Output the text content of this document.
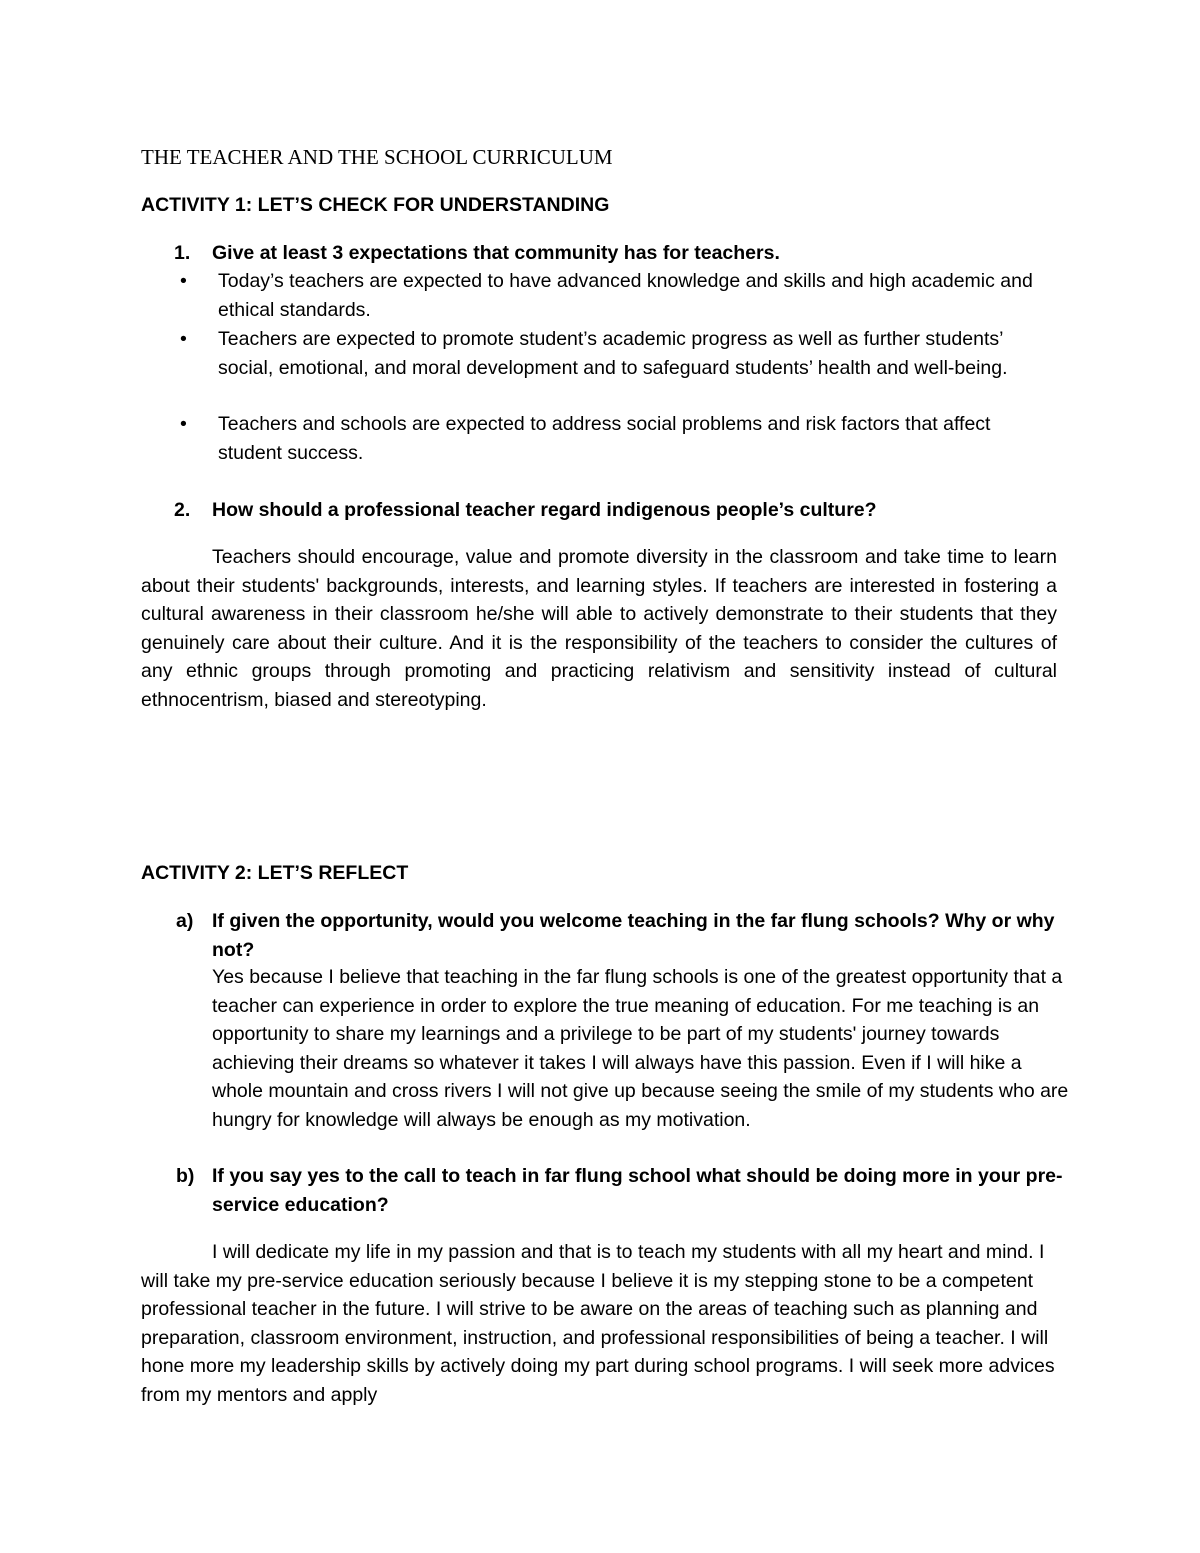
THE TEACHER AND THE SCHOOL CURRICULUM
ACTIVITY 1: LET’S CHECK FOR UNDERSTANDING
1. Give at least 3 expectations that community has for teachers.
• Today’s teachers are expected to have advanced knowledge and skills and high academic and ethical standards.
• Teachers are expected to promote student’s academic progress as well as further students’ social, emotional, and moral development and to safeguard students’ health and well-being.
• Teachers and schools are expected to address social problems and risk factors that affect student success.
2. How should a professional teacher regard indigenous people’s culture?
Teachers should encourage, value and promote diversity in the classroom and take time to learn about their students' backgrounds, interests, and learning styles. If teachers are interested in fostering a cultural awareness in their classroom he/she will able to actively demonstrate to their students that they genuinely care about their culture. And it is the responsibility of the teachers to consider the cultures of any ethnic groups through promoting and practicing relativism and sensitivity instead of cultural ethnocentrism, biased and stereotyping.
ACTIVITY 2: LET’S REFLECT
a) If given the opportunity, would you welcome teaching in the far flung schools? Why or why not?
Yes because I believe that teaching in the far flung schools is one of the greatest opportunity that a teacher can experience in order to explore the true meaning of education. For me teaching is an opportunity to share my learnings and a privilege to be part of my students' journey towards achieving their dreams so whatever it takes I will always have this passion. Even if I will hike a whole mountain and cross rivers I will not give up because seeing the smile of my students who are hungry for knowledge will always be enough as my motivation.
b) If you say yes to the call to teach in far flung school what should be doing more in your pre-service education?
I will dedicate my life in my passion and that is to teach my students with all my heart and mind. I will take my pre-service education seriously because I believe it is my stepping stone to be a competent professional teacher in the future. I will strive to be aware on the areas of teaching such as planning and preparation, classroom environment, instruction, and professional responsibilities of being a teacher. I will hone more my leadership skills by actively doing my part during school programs. I will seek more advices from my mentors and apply
